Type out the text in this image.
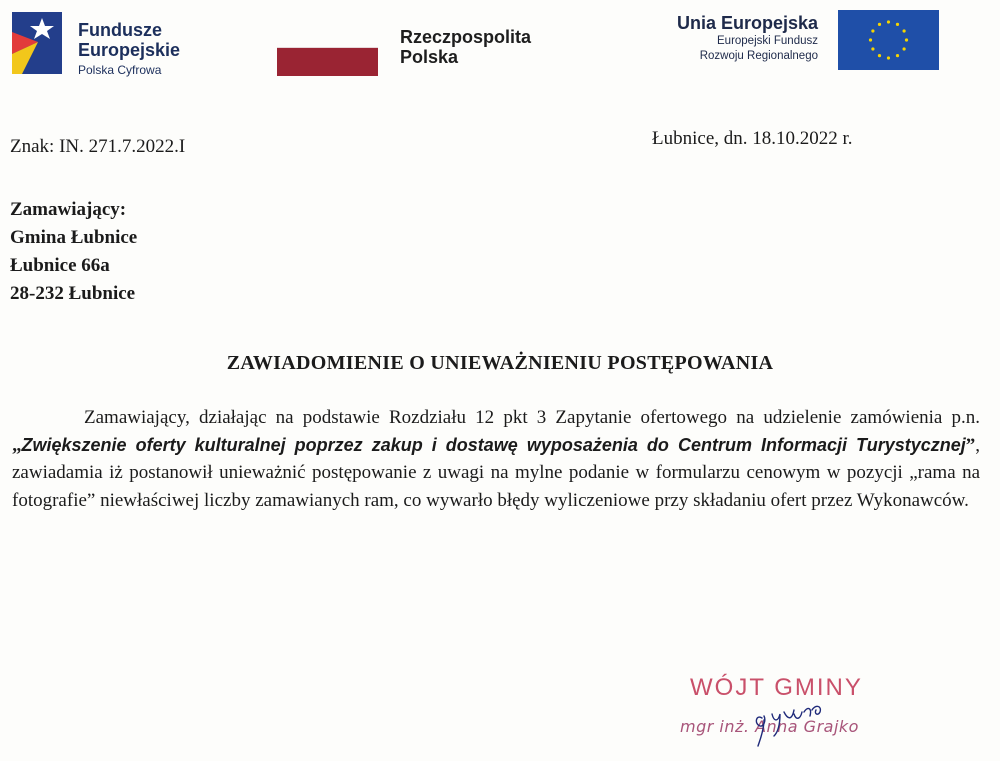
Fundusze
Europejskie
Polska Cyfrowa
Rzeczpospolita
Polska
Unia Europejska
Europejski Fundusz
Rozwoju Regionalnego
Znak: IN. 271.7.2022.I	Łubnice, dn. 18.10.2022 r.
Zamawiający:
Gmina Łubnice
Łubnice 66a
28-232 Łubnice
ZAWIADOMIENIE O UNIEWAŻNIENIU POSTĘPOWANIA
Zamawiający, działając na podstawie Rozdziału 12 pkt 3 Zapytanie ofertowego na udzielenie zamówienia p.n. „Zwiększenie oferty kulturalnej poprzez zakup i dostawę wyposażenia do Centrum Informacji Turystycznej”, zawiadamia iż postanowił unieważnić postępowanie z uwagi na mylne podanie w formularzu cenowym w pozycji „rama na fotografie” niewłaściwej liczby zamawianych ram, co wywarło błędy wyliczeniowe przy składaniu ofert przez Wykonawców.
WÓJT GMINY
mgr inż. Anna Grajko
